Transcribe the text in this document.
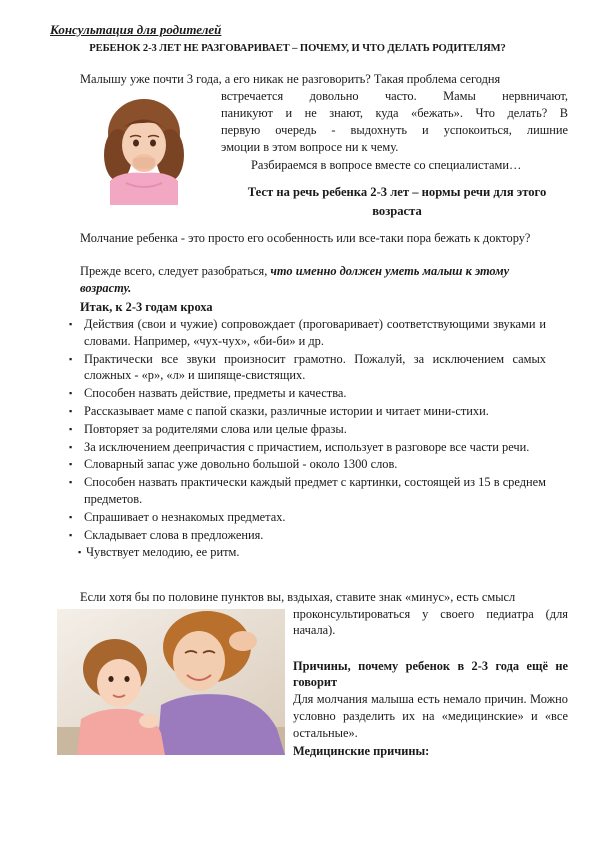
Консультация для родителей
РЕБЕНОК 2-3 ЛЕТ НЕ РАЗГОВАРИВАЕТ – ПОЧЕМУ, И ЧТО ДЕЛАТЬ РОДИТЕЛЯМ?
Малышу уже почти 3 года, а его никак не разговорить? Такая проблема сегодня
встречается довольно часто. Мамы нервничают,
паникуют и не знают, куда «бежать». Что делать? В
первую очередь - выдохнуть и успокоиться, лишние
эмоции в этом вопросе ни к чему.
Разбираемся в вопросе вместе со специалистами…
Тест на речь ребенка 2-3 лет – нормы речи для этого возраста
Молчание ребенка - это просто его особенность или все-таки пора бежать к доктору?
Прежде всего, следует разобраться, что именно должен уметь малыш к этому возрасту.
Итак, к 2-3 годам кроха
▪ Действия (свои и чужие) сопровождает (проговаривает) соответствующими звуками и словами. Например, «чух-чух», «би-би» и др.
▪ Практически все звуки произносит грамотно. Пожалуй, за исключением самых сложных - «р», «л» и шипяще-свистящих.
▪ Способен назвать действие, предметы и качества.
▪ Рассказывает маме с папой сказки, различные истории и читает мини-стихи.
▪ Повторяет за родителями слова или целые фразы.
▪ За исключением деепричастия с причастием, использует в разговоре все части речи.
▪ Словарный запас уже довольно большой - около 1300 слов.
▪ Способен назвать практически каждый предмет с картинки, состоящей из 15 в среднем предметов.
▪ Спрашивает о незнакомых предметах.
▪ Складывает слова в предложения.
▪ Чувствует мелодию, ее ритм.
Если хотя бы по половине пунктов вы, вздыхая, ставите знак «минус», есть смысл
проконсультироваться у своего педиатра (для начала).
Причины, почему ребенок в 2-3 года ещё не говорит
Для молчания малыша есть немало причин. Можно условно разделить их на «медицинские» и «все остальные».
Медицинские причины:
